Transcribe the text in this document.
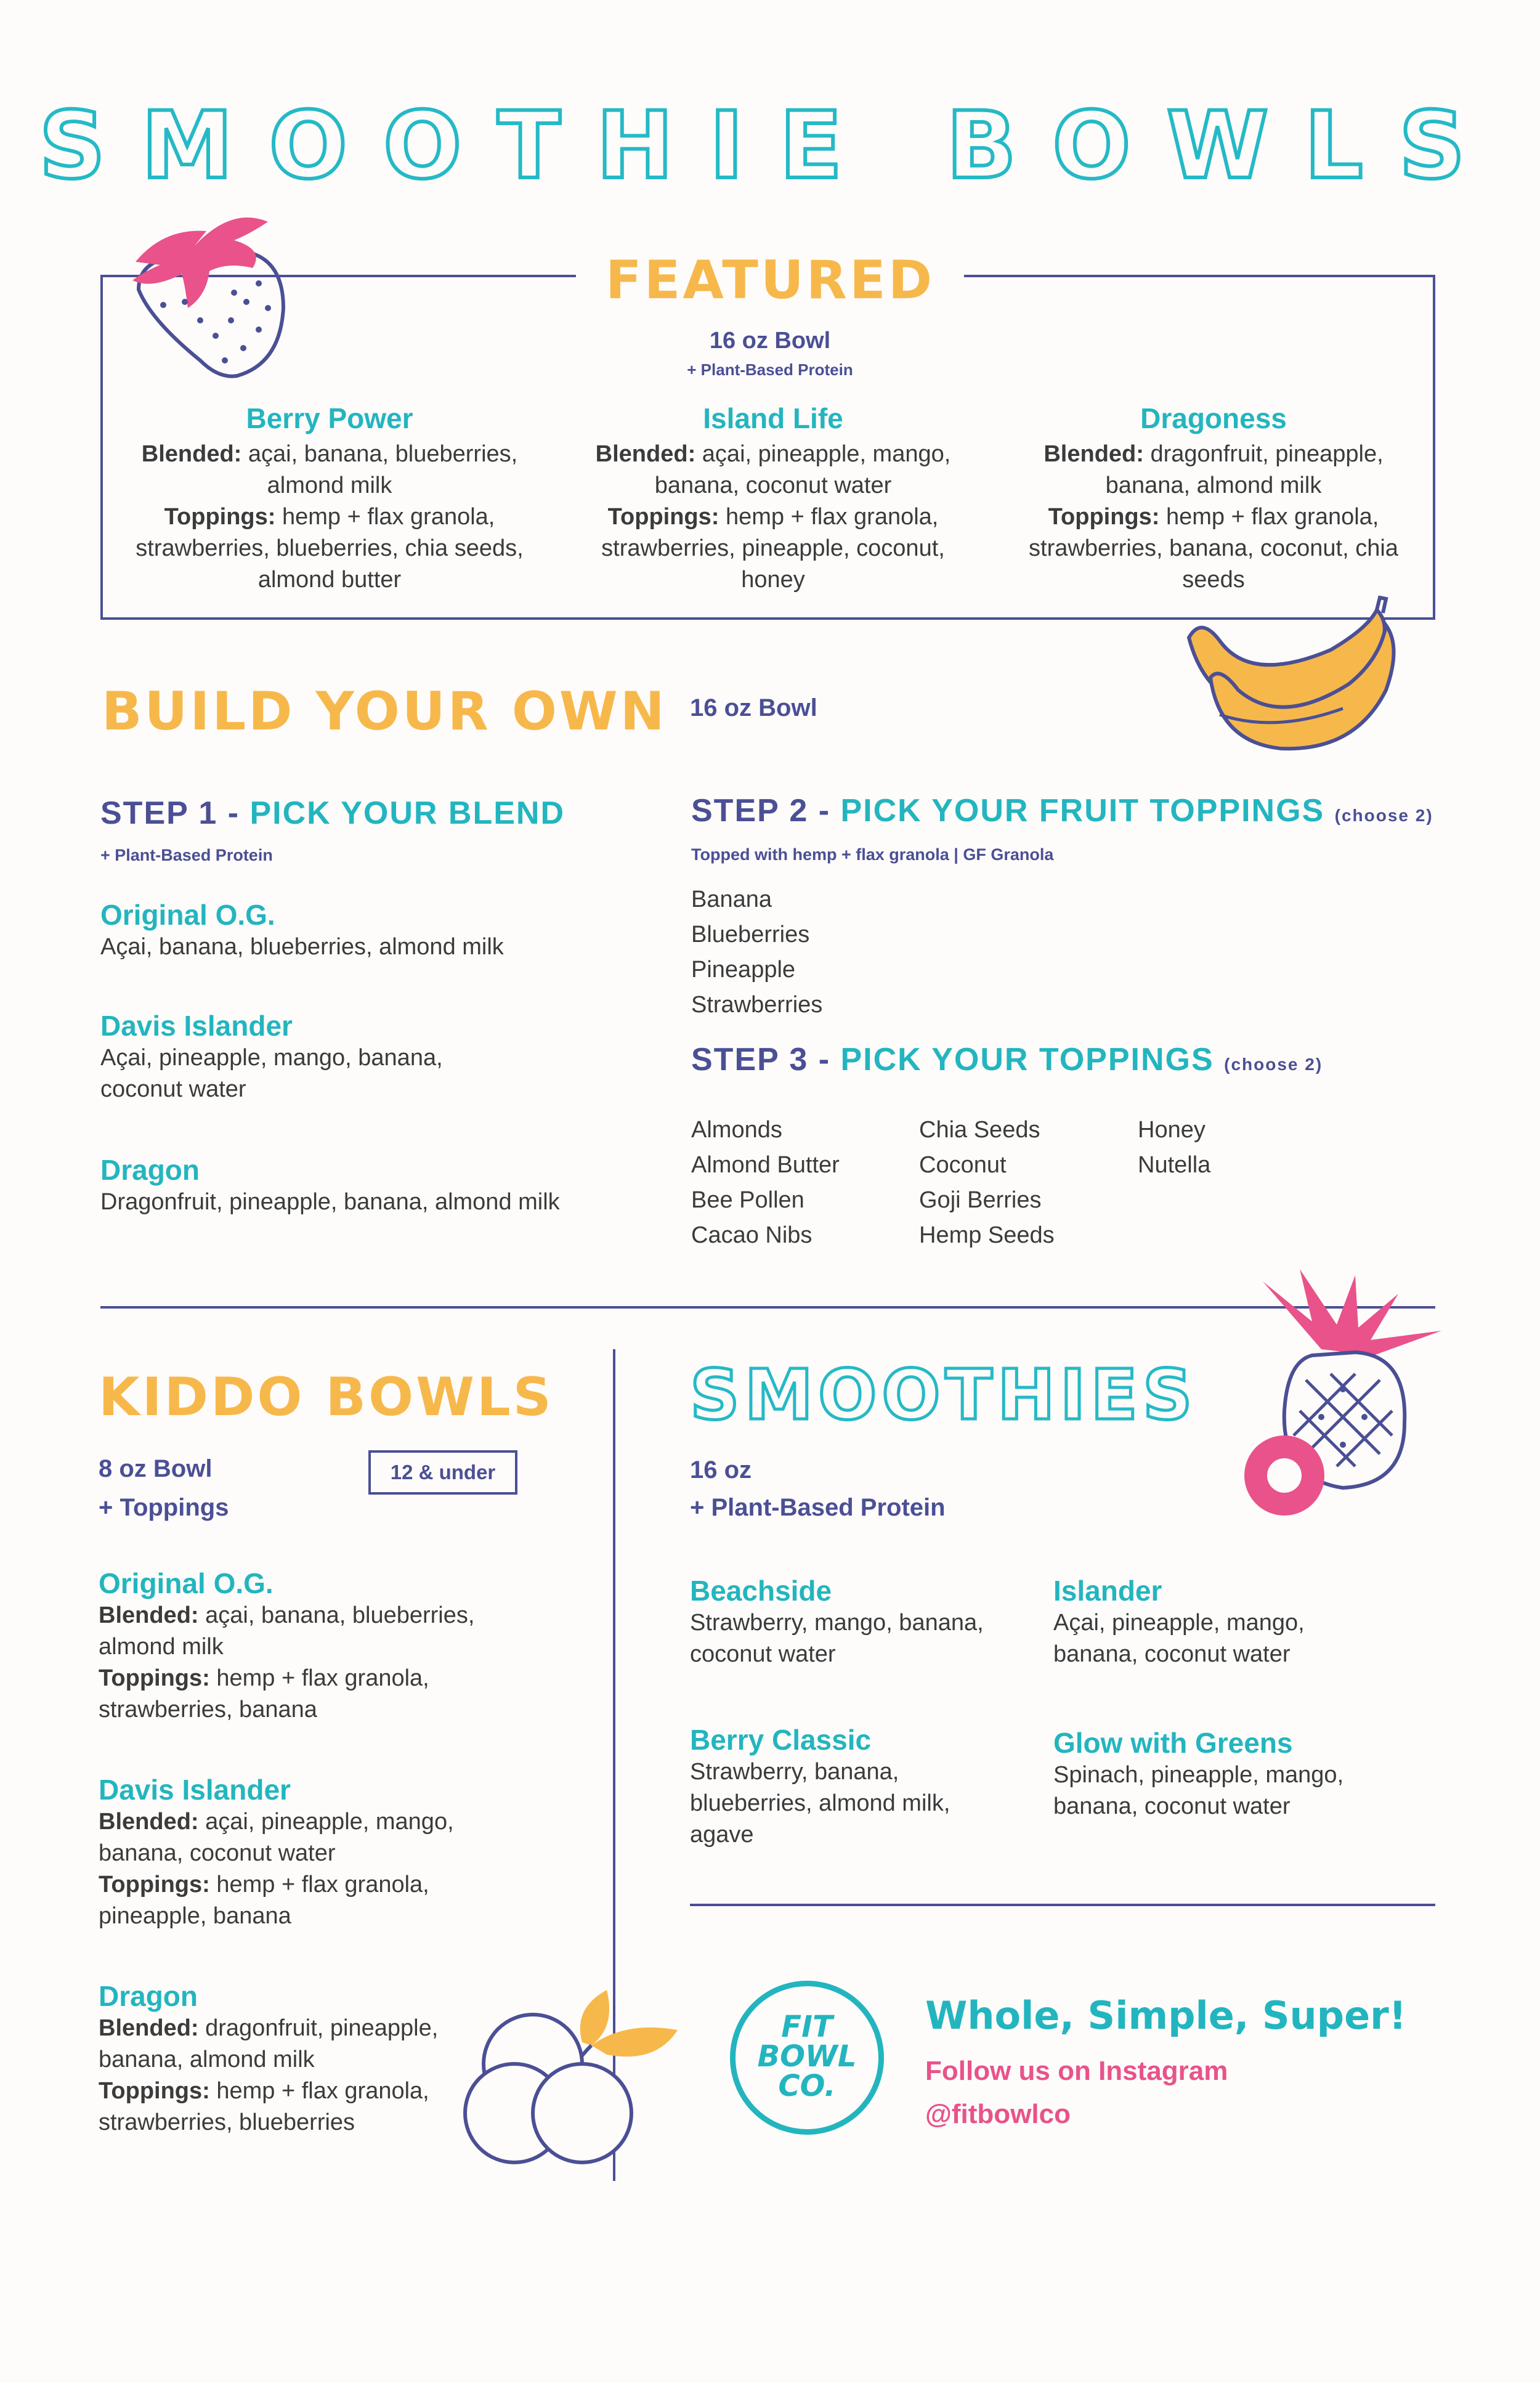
SMOOTHIE BOWLS
FEATURED
16 oz Bowl
+ Plant-Based Protein
Berry Power
Blended: açai, banana, blueberries, almond milk
Toppings: hemp + flax granola, strawberries, blueberries, chia seeds, almond butter
Island Life
Blended: açai, pineapple, mango, banana, coconut water
Toppings: hemp + flax granola, strawberries, pineapple, coconut, honey
Dragoness
Blended: dragonfruit, pineapple, banana, almond milk
Toppings: hemp + flax granola, strawberries, banana, coconut, chia seeds
BUILD YOUR OWN 16 oz Bowl
STEP 1 - PICK YOUR BLEND
+ Plant-Based Protein
Original O.G.
Açai, banana, blueberries, almond milk
Davis Islander
Açai, pineapple, mango, banana, coconut water
Dragon
Dragonfruit, pineapple, banana, almond milk
STEP 2 - PICK YOUR FRUIT TOPPINGS (choose 2)
Topped with hemp + flax granola | GF Granola
Banana
Blueberries
Pineapple
Strawberries
STEP 3 - PICK YOUR TOPPINGS (choose 2)
Almonds
Almond Butter
Bee Pollen
Cacao Nibs
Chia Seeds
Coconut
Goji Berries
Hemp Seeds
Honey
Nutella
KIDDO BOWLS
8 oz Bowl
+ Toppings
12 & under
Original O.G.
Blended: açai, banana, blueberries, almond milk
Toppings: hemp + flax granola, strawberries, banana
Davis Islander
Blended: açai, pineapple, mango, banana, coconut water
Toppings: hemp + flax granola, pineapple, banana
Dragon
Blended: dragonfruit, pineapple, banana, almond milk
Toppings: hemp + flax granola, strawberries, blueberries
SMOOTHIES
16 oz
+ Plant-Based Protein
Beachside
Strawberry, mango, banana, coconut water
Islander
Açai, pineapple, mango, banana, coconut water
Berry Classic
Strawberry, banana, blueberries, almond milk, agave
Glow with Greens
Spinach, pineapple, mango, banana, coconut water
FIT
BOWL
CO.
Whole, Simple, Super!
Follow us on Instagram
@fitbowlco
